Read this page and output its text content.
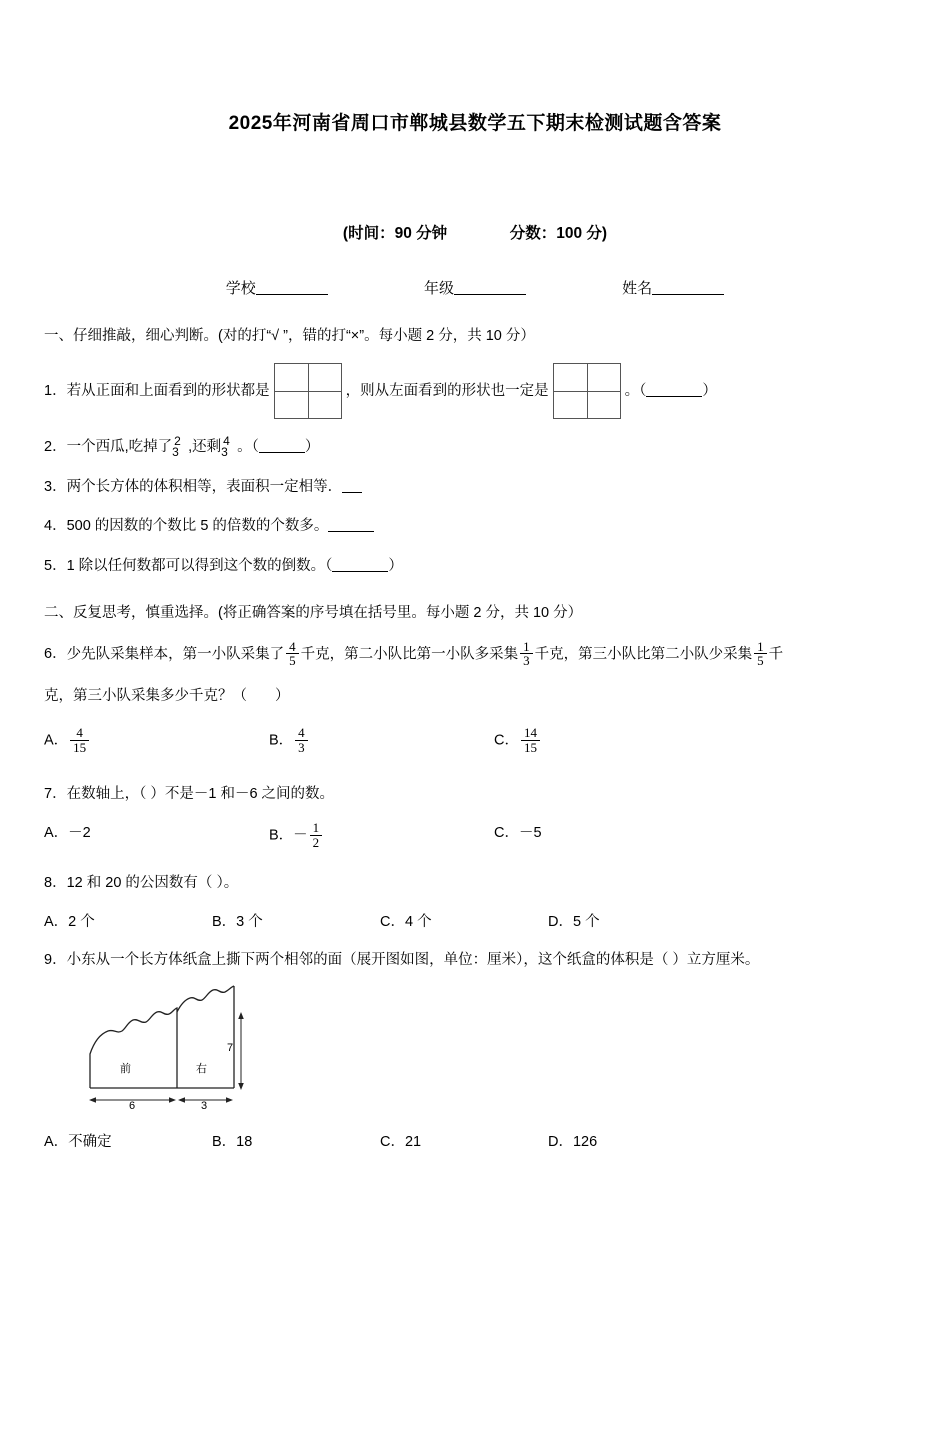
2025年河南省周口市郸城县数学五下期末检测试题含答案
(时间：90 分钟	分数：100 分)
学校	年级	姓名
一、仔细推敲，细心判断。(对的打“√ ”，错的打“×”。每小题 2 分，共 10 分）
1．若从正面和上面看到的形状都是	，则从左面看到的形状也一定是	。（	）
2．一个西瓜,吃掉了 2
3 ,还剩 4
3 。（	）
3．两个长方体的体积相等，表面积一定相等．
4．500 的因数的个数比 5 的倍数的个数多。
5．1 除以任何数都可以得到这个数的倒数。（	）
二、反复思考，慎重选择。(将正确答案的序号填在括号里。每小题 2 分，共 10 分）
6．少先队采集样本，第一小队采集了 $\frac{4}{5}$ 千克，第二小队比第一小队多采集 $\frac{1}{3}$ 千克，第三小队比第二小队少采集 $\frac{1}{5}$ 千
克，第三小队采集多少千克？（ ）
A． $\frac{4}{15}$	B． $\frac{4}{3}$	C． $\frac{14}{15}$
7．在数轴上，（ ）不是－1 和－6 之间的数。
A．－2	B．－ $\frac{1}{2}$	C．－5
8．12 和 20 的公因数有（ ）。
A．2 个	B．3 个	C．4 个	D．5 个
9．小东从一个长方体纸盒上撕下两个相邻的面（展开图如图，单位：厘米），这个纸盒的体积是（ ）立方厘米。
前	右
7
6	3
A．不确定	B．18	C．21	D．126
